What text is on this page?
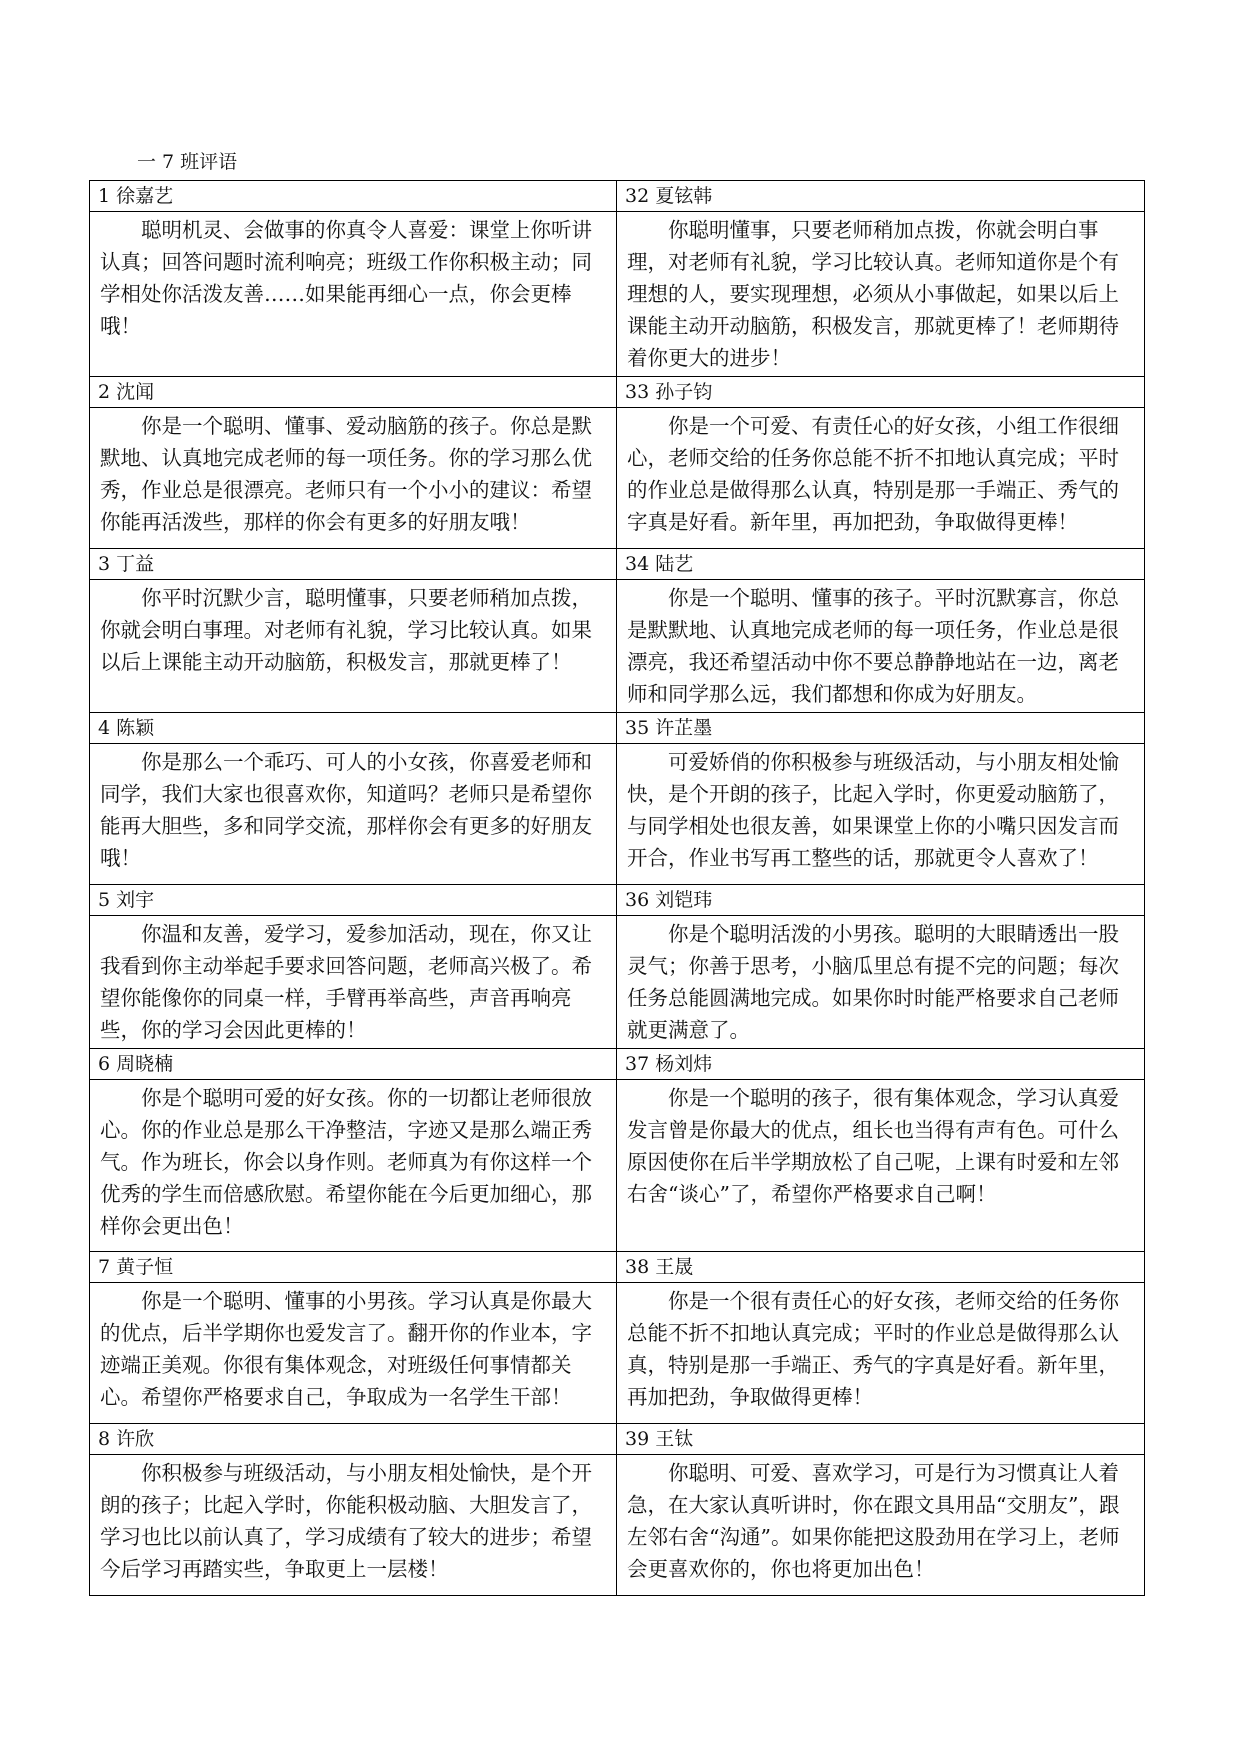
一 7 班评语
1 徐嘉艺	32 夏铉韩

聪明机灵、会做事的你真令人喜爱：课堂上你听讲认真；回答问题时流利响亮；班级工作你积极主动；同学相处你活泼友善……如果能再细心一点，你会更棒哦！	你聪明懂事，只要老师稍加点拨，你就会明白事理，对老师有礼貌，学习比较认真。老师知道你是个有理想的人，要实现理想，必须从小事做起，如果以后上课能主动开动脑筋，积极发言，那就更棒了！老师期待着你更大的进步！

2 沈闻	33 孙子钧

你是一个聪明、懂事、爱动脑筋的孩子。你总是默默地、认真地完成老师的每一项任务。你的学习那么优秀，作业总是很漂亮。老师只有一个小小的建议：希望你能再活泼些，那样的你会有更多的好朋友哦！	你是一个可爱、有责任心的好女孩，小组工作很细心，老师交给的任务你总能不折不扣地认真完成；平时的作业总是做得那么认真，特别是那一手端正、秀气的字真是好看。新年里，再加把劲，争取做得更棒！

3 丁益	34 陆艺

你平时沉默少言，聪明懂事，只要老师稍加点拨，你就会明白事理。对老师有礼貌，学习比较认真。如果以后上课能主动开动脑筋，积极发言，那就更棒了！	你是一个聪明、懂事的孩子。平时沉默寡言，你总是默默地、认真地完成老师的每一项任务，作业总是很漂亮，我还希望活动中你不要总静静地站在一边，离老师和同学那么远，我们都想和你成为好朋友。

4 陈颖	35 许芷墨

你是那么一个乖巧、可人的小女孩，你喜爱老师和同学，我们大家也很喜欢你，知道吗？老师只是希望你能再大胆些，多和同学交流，那样你会有更多的好朋友哦！	可爱娇俏的你积极参与班级活动，与小朋友相处愉快，是个开朗的孩子，比起入学时，你更爱动脑筋了，与同学相处也很友善，如果课堂上你的小嘴只因发言而开合，作业书写再工整些的话，那就更令人喜欢了！

5 刘宇	36 刘铠玮

你温和友善，爱学习，爱参加活动，现在，你又让我看到你主动举起手要求回答问题，老师高兴极了。希望你能像你的同桌一样，手臂再举高些，声音再响亮些，你的学习会因此更棒的！	你是个聪明活泼的小男孩。聪明的大眼睛透出一股灵气；你善于思考，小脑瓜里总有提不完的问题；每次任务总能圆满地完成。如果你时时能严格要求自己老师就更满意了。

6 周晓楠	37 杨刘炜

你是个聪明可爱的好女孩。你的一切都让老师很放心。你的作业总是那么干净整洁，字迹又是那么端正秀气。作为班长，你会以身作则。老师真为有你这样一个优秀的学生而倍感欣慰。希望你能在今后更加细心，那样你会更出色！	你是一个聪明的孩子，很有集体观念，学习认真爱发言曾是你最大的优点，组长也当得有声有色。可什么原因使你在后半学期放松了自己呢，上课有时爱和左邻右舍“谈心”了，希望你严格要求自己啊！

7 黄子恒	38 王晟

你是一个聪明、懂事的小男孩。学习认真是你最大的优点，后半学期你也爱发言了。翻开你的作业本，字迹端正美观。你很有集体观念，对班级任何事情都关心。希望你严格要求自己，争取成为一名学生干部！	你是一个很有责任心的好女孩，老师交给的任务你总能不折不扣地认真完成；平时的作业总是做得那么认真，特别是那一手端正、秀气的字真是好看。新年里，再加把劲，争取做得更棒！

8 许欣	39 王钛

你积极参与班级活动，与小朋友相处愉快，是个开朗的孩子；比起入学时，你能积极动脑、大胆发言了，学习也比以前认真了，学习成绩有了较大的进步；希望今后学习再踏实些，争取更上一层楼！	你聪明、可爱、喜欢学习，可是行为习惯真让人着急，在大家认真听讲时，你在跟文具用品“交朋友”，跟左邻右舍“沟通”。如果你能把这股劲用在学习上，老师会更喜欢你的，你也将更加出色！
